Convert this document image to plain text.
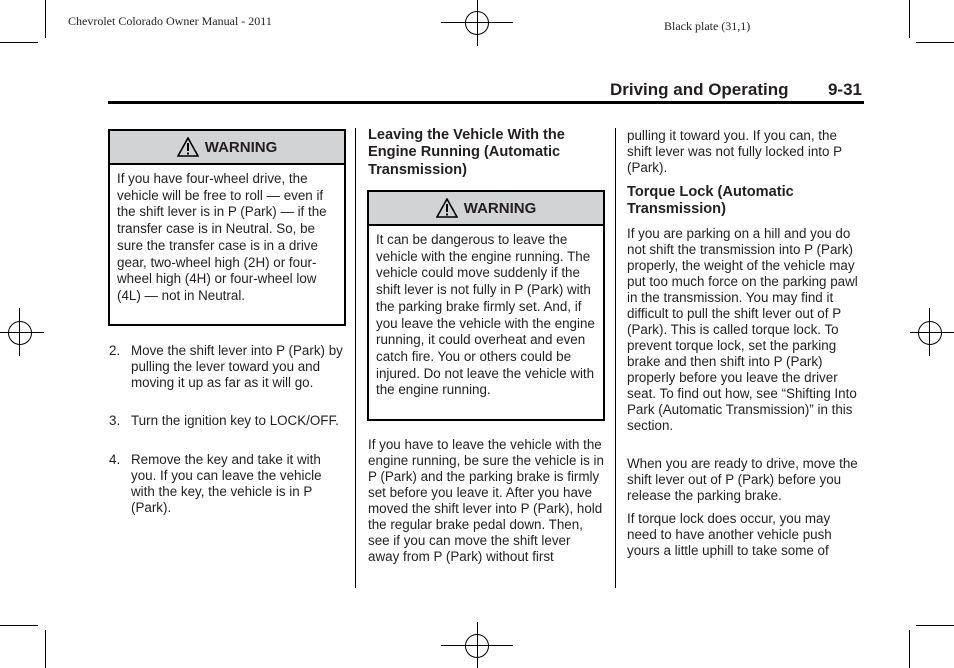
Chevrolet Colorado Owner Manual - 2011	Black plate (31,1)
Driving and Operating 9-31
WARNING
If you have four-wheel drive, the vehicle will be free to roll — even if the shift lever is in P (Park) — if the transfer case is in Neutral. So, be sure the transfer case is in a drive gear, two-wheel high (2H) or four-wheel high (4H) or four-wheel low (4L) — not in Neutral.
2. Move the shift lever into P (Park) by pulling the lever toward you and moving it up as far as it will go.
3. Turn the ignition key to LOCK/OFF.
4. Remove the key and take it with you. If you can leave the vehicle with the key, the vehicle is in P (Park).
Leaving the Vehicle With the Engine Running (Automatic Transmission)
WARNING
It can be dangerous to leave the vehicle with the engine running. The vehicle could move suddenly if the shift lever is not fully in P (Park) with the parking brake firmly set. And, if you leave the vehicle with the engine running, it could overheat and even catch fire. You or others could be injured. Do not leave the vehicle with the engine running.
If you have to leave the vehicle with the engine running, be sure the vehicle is in P (Park) and the parking brake is firmly set before you leave it. After you have moved the shift lever into P (Park), hold the regular brake pedal down. Then, see if you can move the shift lever away from P (Park) without first
pulling it toward you. If you can, the shift lever was not fully locked into P (Park).
Torque Lock (Automatic Transmission)
If you are parking on a hill and you do not shift the transmission into P (Park) properly, the weight of the vehicle may put too much force on the parking pawl in the transmission. You may find it difficult to pull the shift lever out of P (Park). This is called torque lock. To prevent torque lock, set the parking brake and then shift into P (Park) properly before you leave the driver seat. To find out how, see “Shifting Into Park (Automatic Transmission)” in this section.
When you are ready to drive, move the shift lever out of P (Park) before you release the parking brake.
If torque lock does occur, you may need to have another vehicle push yours a little uphill to take some of
